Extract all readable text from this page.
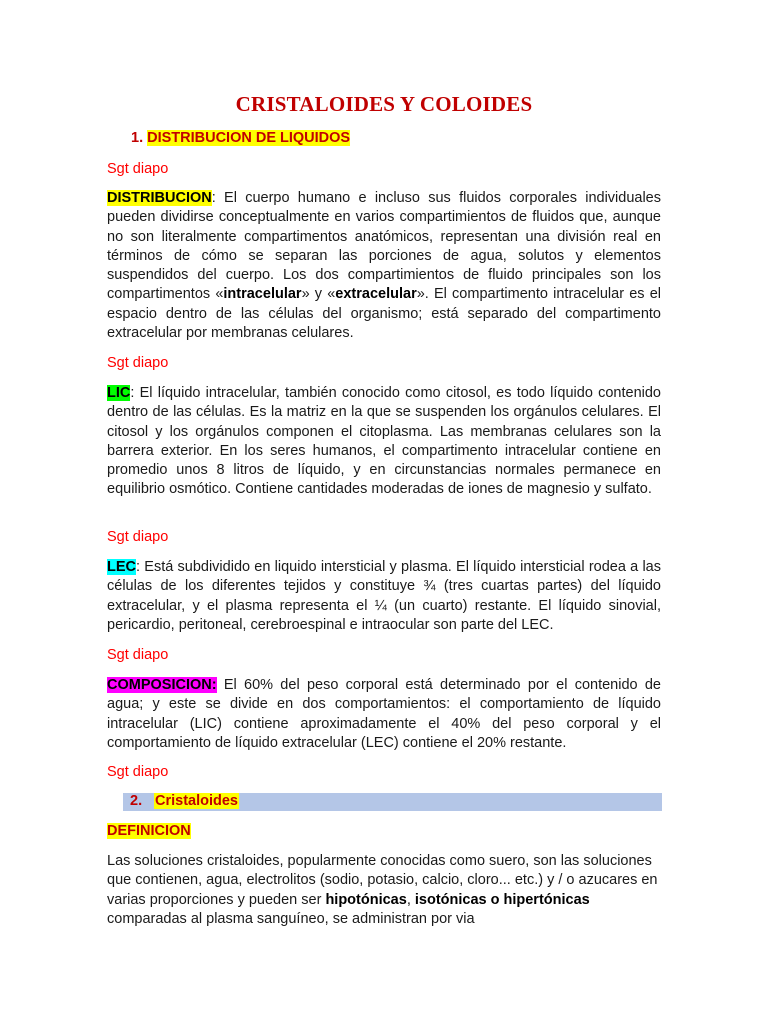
CRISTALOIDES Y COLOIDES
1. DISTRIBUCION DE LIQUIDOS
Sgt diapo
DISTRIBUCION: El cuerpo humano e incluso sus fluidos corporales individuales pueden dividirse conceptualmente en varios compartimientos de fluidos que, aunque no son literalmente compartimentos anatómicos, representan una división real en términos de cómo se separan las porciones de agua, solutos y elementos suspendidos del cuerpo. Los dos compartimientos de fluido principales son los compartimentos «intracelular» y «extracelular». El compartimento intracelular es el espacio dentro de las células del organismo; está separado del compartimento extracelular por membranas celulares.
Sgt diapo
LIC: El líquido intracelular, también conocido como citosol, es todo líquido contenido dentro de las células. Es la matriz en la que se suspenden los orgánulos celulares. El citosol y los orgánulos componen el citoplasma. Las membranas celulares son la barrera exterior. En los seres humanos, el compartimento intracelular contiene en promedio unos 8 litros de líquido, y en circunstancias normales permanece en equilibrio osmótico. Contiene cantidades moderadas de iones de magnesio y sulfato.
Sgt diapo
LEC: Está subdividido en liquido intersticial y plasma. El líquido intersticial rodea a las células de los diferentes tejidos y constituye ¾ (tres cuartas partes) del líquido extracelular, y el plasma representa el ¼ (un cuarto) restante. El líquido sinovial, pericardio, peritoneal, cerebroespinal e intraocular son parte del LEC.
Sgt diapo
COMPOSICION: El 60% del peso corporal está determinado por el contenido de agua; y este se divide en dos comportamientos: el comportamiento de líquido intracelular (LIC) contiene aproximadamente el 40% del peso corporal y el comportamiento de líquido extracelular (LEC) contiene el 20% restante.
Sgt diapo
2. Cristaloides
DEFINICION
Las soluciones cristaloides, popularmente conocidas como suero, son las soluciones que contienen, agua, electrolitos (sodio, potasio, calcio, cloro... etc.) y / o azucares en varias proporciones y pueden ser hipotónicas, isotónicas o hipertónicas comparadas al plasma sanguíneo, se administran por via
